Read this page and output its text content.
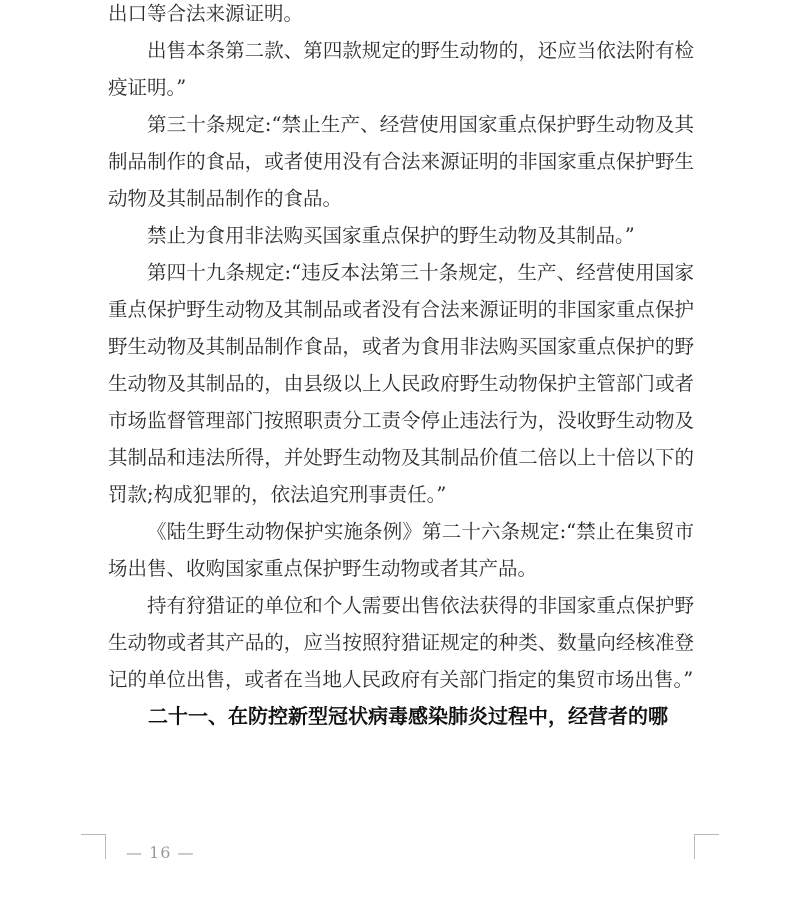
出口等合法来源证明。

出售本条第二款、第四款规定的野生动物的，还应当依法附有检疫证明。”

第三十条规定:“禁止生产、经营使用国家重点保护野生动物及其制品制作的食品，或者使用没有合法来源证明的非国家重点保护野生动物及其制品制作的食品。

禁止为食用非法购买国家重点保护的野生动物及其制品。”

第四十九条规定:“违反本法第三十条规定，生产、经营使用国家重点保护野生动物及其制品或者没有合法来源证明的非国家重点保护野生动物及其制品制作食品，或者为食用非法购买国家重点保护的野生动物及其制品的，由县级以上人民政府野生动物保护主管部门或者市场监督管理部门按照职责分工责令停止违法行为，没收野生动物及其制品和违法所得，并处野生动物及其制品价值二倍以上十倍以下的罚款;构成犯罪的，依法追究刑事责任。”

《陆生野生动物保护实施条例》第二十六条规定:“禁止在集贸市场出售、收购国家重点保护野生动物或者其产品。

持有狩猎证的单位和个人需要出售依法获得的非国家重点保护野生动物或者其产品的，应当按照狩猎证规定的种类、数量向经核准登记的单位出售，或者在当地人民政府有关部门指定的集贸市场出售。”

二十一、在防控新型冠状病毒感染肺炎过程中，经营者的哪

— 16 —
